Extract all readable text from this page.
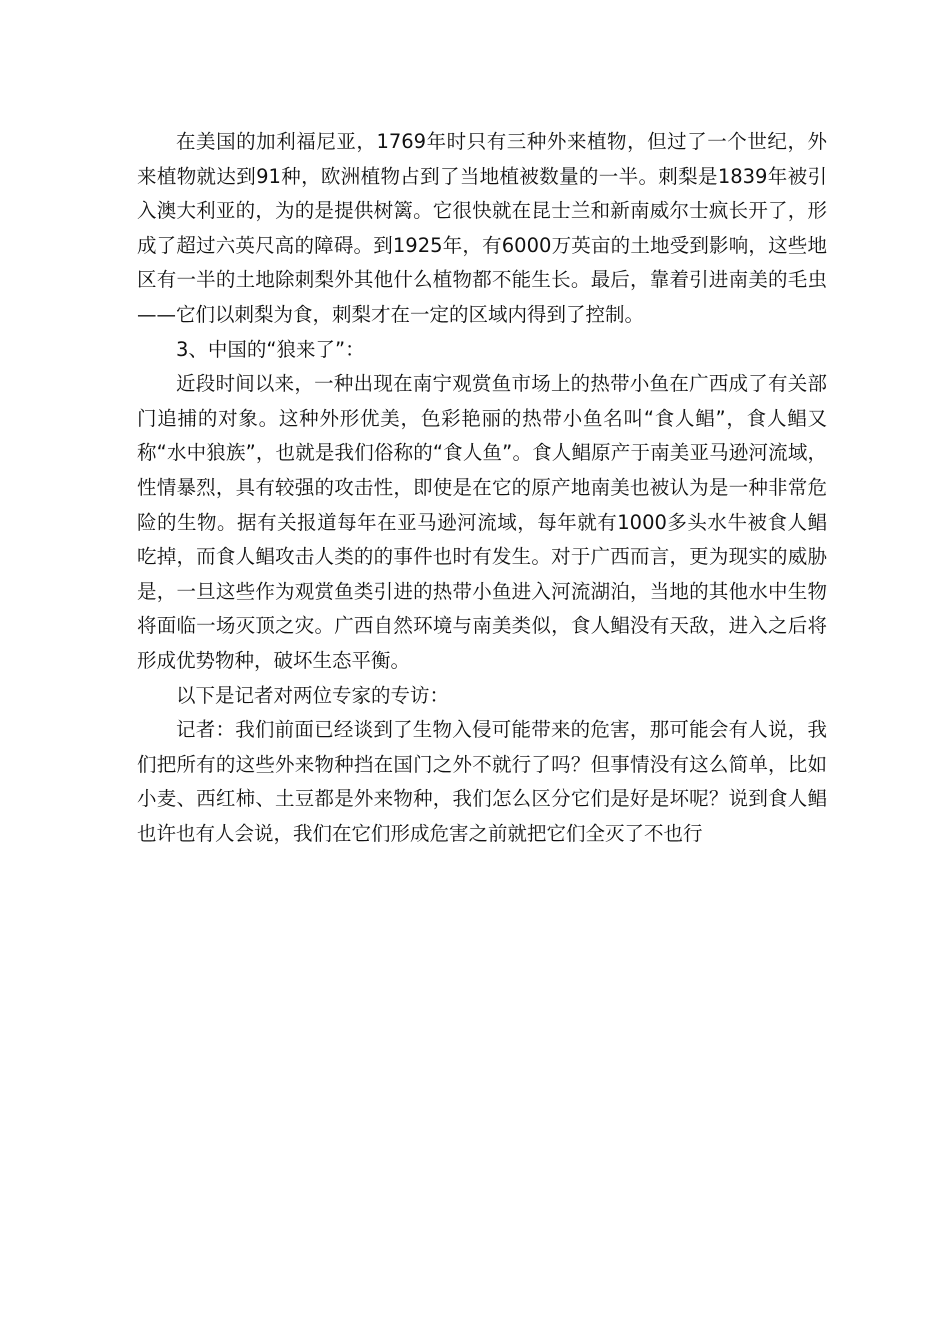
在美国的加利福尼亚，1769年时只有三种外来植物，但过了一个世纪，外来植物就达到91种，欧洲植物占到了当地植被数量的一半。刺梨是1839年被引入澳大利亚的，为的是提供树篱。它很快就在昆士兰和新南威尔士疯长开了，形成了超过六英尺高的障碍。到1925年，有6000万英亩的土地受到影响，这些地区有一半的土地除刺梨外其他什么植物都不能生长。最后，靠着引进南美的毛虫——它们以刺梨为食，刺梨才在一定的区域内得到了控制。

3、中国的“狼来了”：

近段时间以来，一种出现在南宁观赏鱼市场上的热带小鱼在广西成了有关部门追捕的对象。这种外形优美，色彩艳丽的热带小鱼名叫“食人鲳”，食人鲳又称“水中狼族”，也就是我们俗称的“食人鱼”。食人鲳原产于南美亚马逊河流域，性情暴烈，具有较强的攻击性，即使是在它的原产地南美也被认为是一种非常危险的生物。据有关报道每年在亚马逊河流域，每年就有1000多头水牛被食人鲳吃掉，而食人鲳攻击人类的的事件也时有发生。对于广西而言，更为现实的威胁是，一旦这些作为观赏鱼类引进的热带小鱼进入河流湖泊，当地的其他水中生物将面临一场灭顶之灾。广西自然环境与南美类似，食人鲳没有天敌，进入之后将形成优势物种，破坏生态平衡。

以下是记者对两位专家的专访：

记者：我们前面已经谈到了生物入侵可能带来的危害，那可能会有人说，我们把所有的这些外来物种挡在国门之外不就行了吗？但事情没有这么简单，比如小麦、西红柿、土豆都是外来物种，我们怎么区分它们是好是坏呢？说到食人鲳也许也有人会说，我们在它们形成危害之前就把它们全灭了不也行
